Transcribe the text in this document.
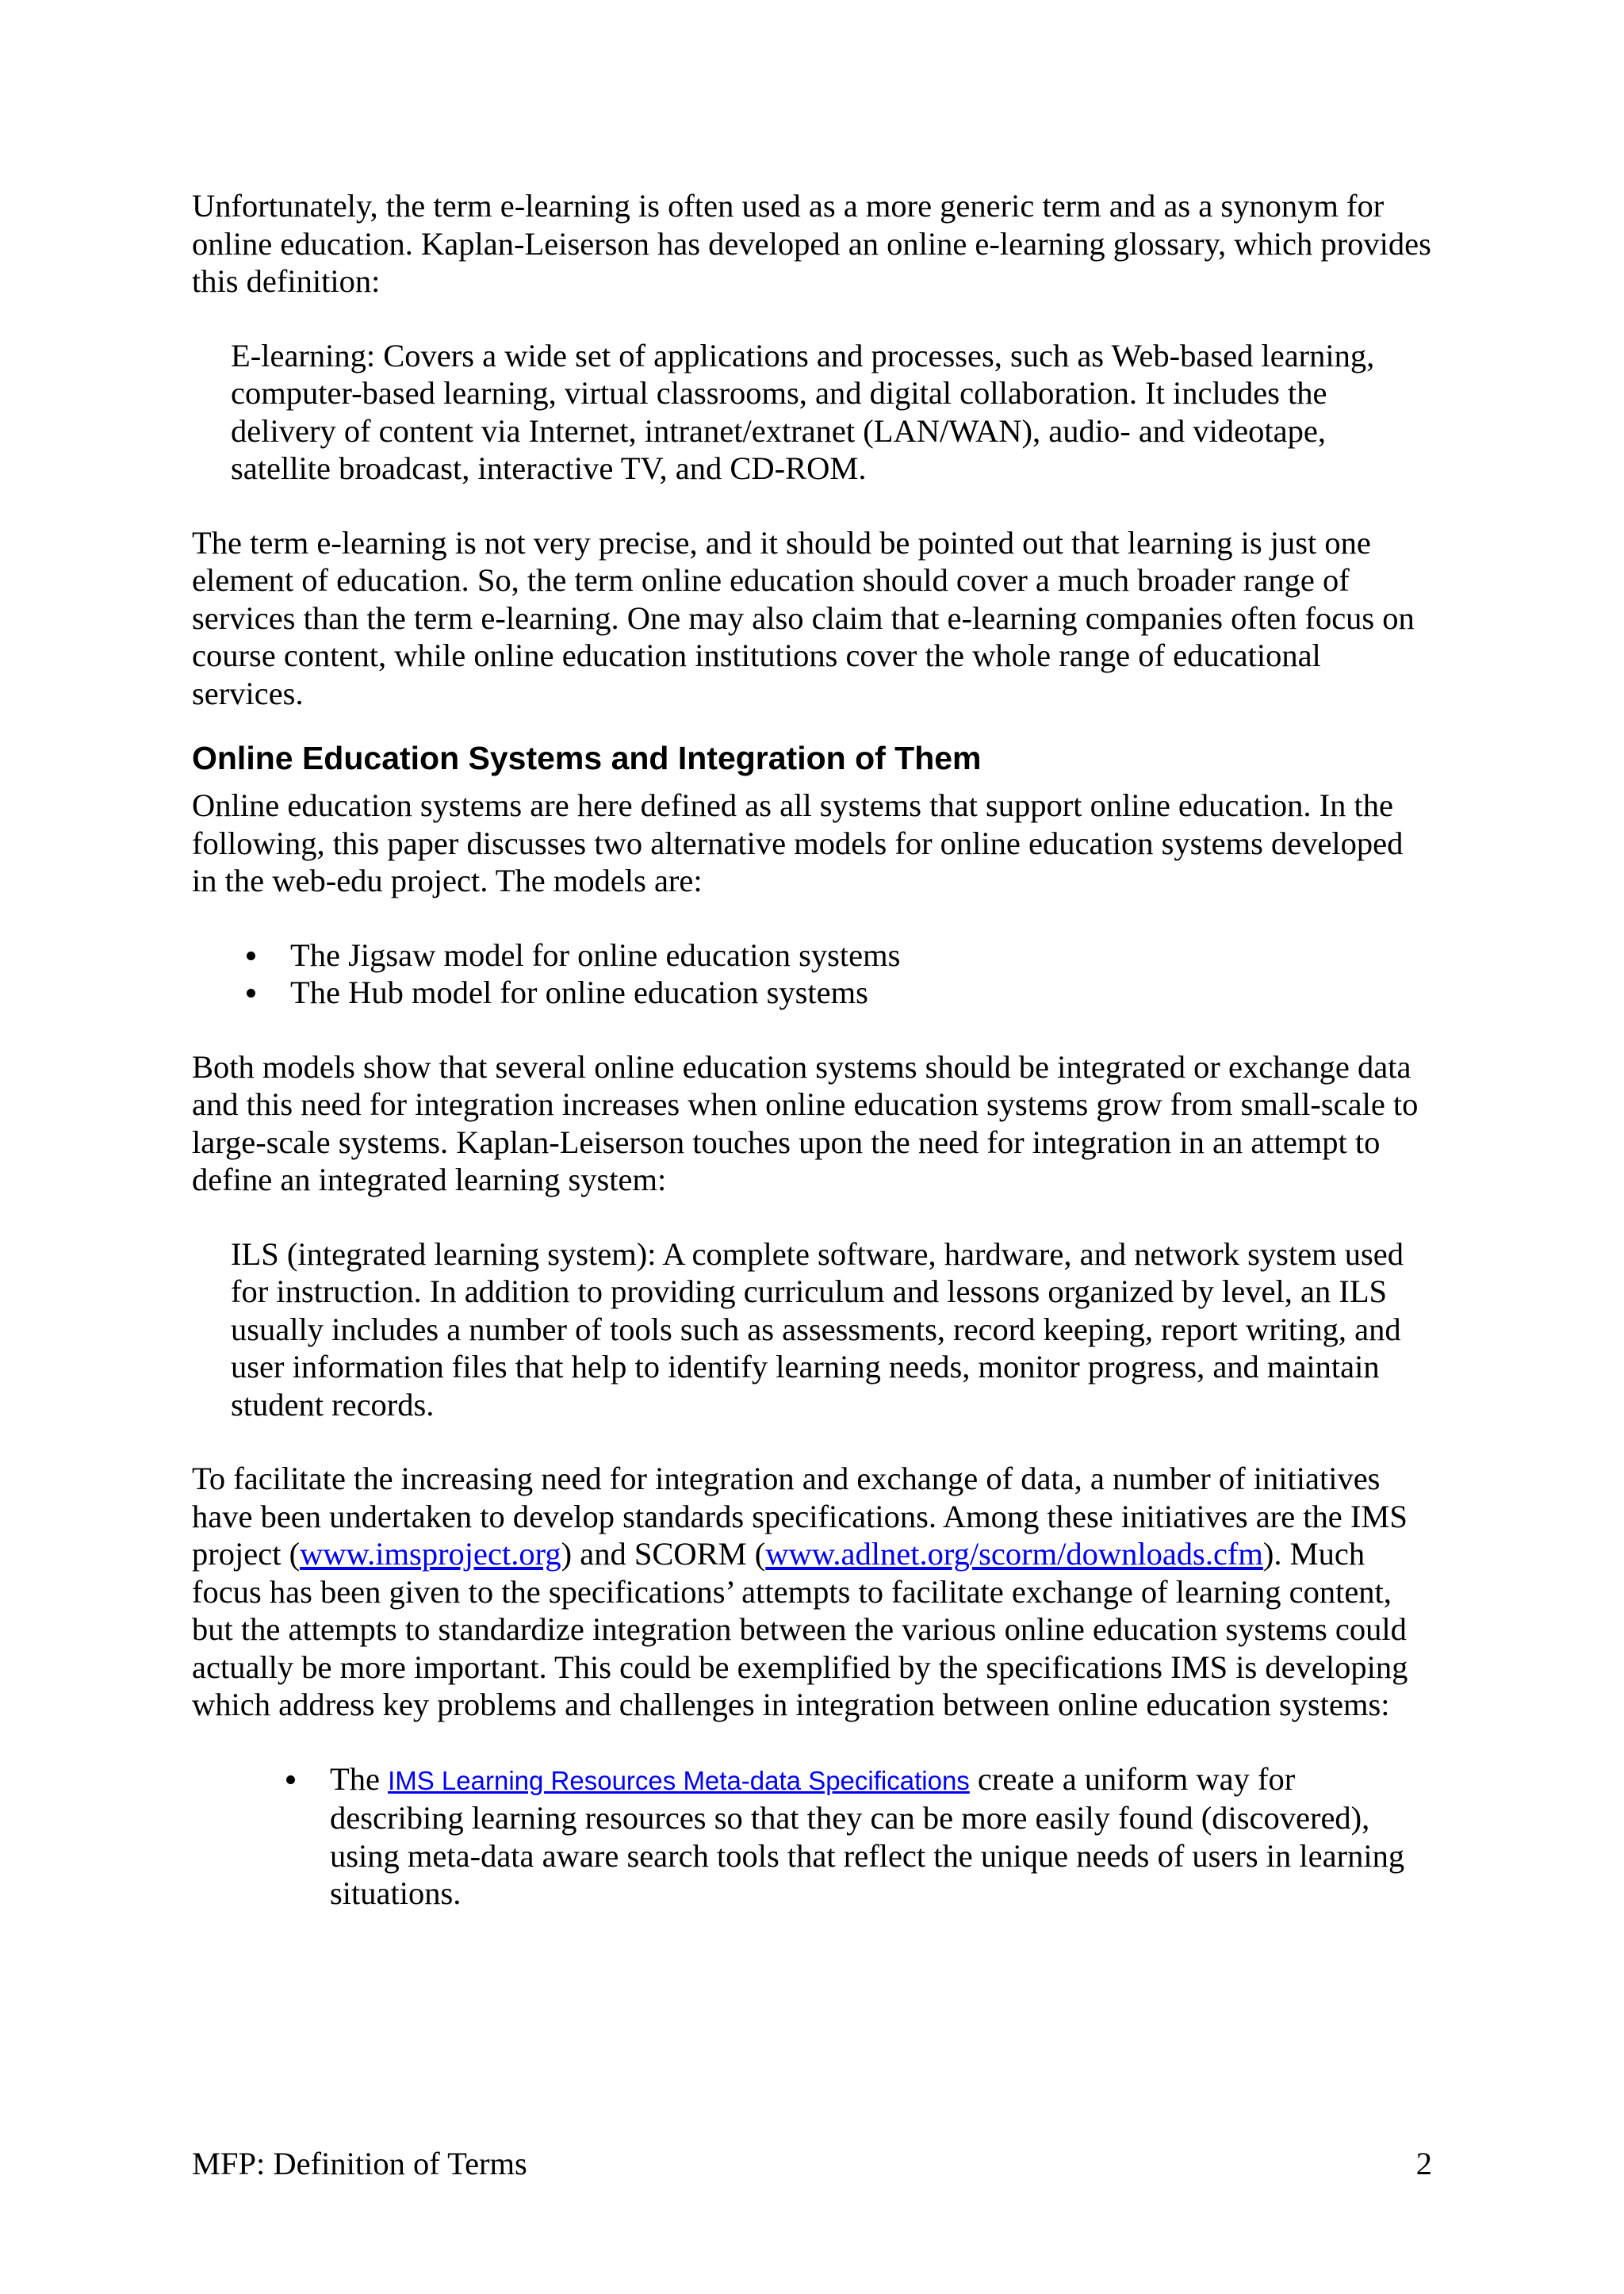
Unfortunately, the term e-learning is often used as a more generic term and as a synonym for online education. Kaplan-Leiserson has developed an online e-learning glossary, which provides this definition:

E-learning: Covers a wide set of applications and processes, such as Web-based learning, computer-based learning, virtual classrooms, and digital collaboration. It includes the delivery of content via Internet, intranet/extranet (LAN/WAN), audio- and videotape, satellite broadcast, interactive TV, and CD-ROM.

The term e-learning is not very precise, and it should be pointed out that learning is just one element of education. So, the term online education should cover a much broader range of services than the term e-learning. One may also claim that e-learning companies often focus on course content, while online education institutions cover the whole range of educational services.

Online Education Systems and Integration of Them

Online education systems are here defined as all systems that support online education. In the following, this paper discusses two alternative models for online education systems developed in the web-edu project. The models are:

The Jigsaw model for online education systems
The Hub model for online education systems

Both models show that several online education systems should be integrated or exchange data and this need for integration increases when online education systems grow from small-scale to large-scale systems. Kaplan-Leiserson touches upon the need for integration in an attempt to define an integrated learning system:

ILS (integrated learning system): A complete software, hardware, and network system used for instruction. In addition to providing curriculum and lessons organized by level, an ILS usually includes a number of tools such as assessments, record keeping, report writing, and user information files that help to identify learning needs, monitor progress, and maintain student records.

To facilitate the increasing need for integration and exchange of data, a number of initiatives have been undertaken to develop standards specifications. Among these initiatives are the IMS project (www.imsproject.org) and SCORM (www.adlnet.org/scorm/downloads.cfm). Much focus has been given to the specifications’ attempts to facilitate exchange of learning content, but the attempts to standardize integration between the various online education systems could actually be more important. This could be exemplified by the specifications IMS is developing which address key problems and challenges in integration between online education systems:

The IMS Learning Resources Meta-data Specifications create a uniform way for describing learning resources so that they can be more easily found (discovered), using meta-data aware search tools that reflect the unique needs of users in learning situations.
MFP: Definition of Terms	2
